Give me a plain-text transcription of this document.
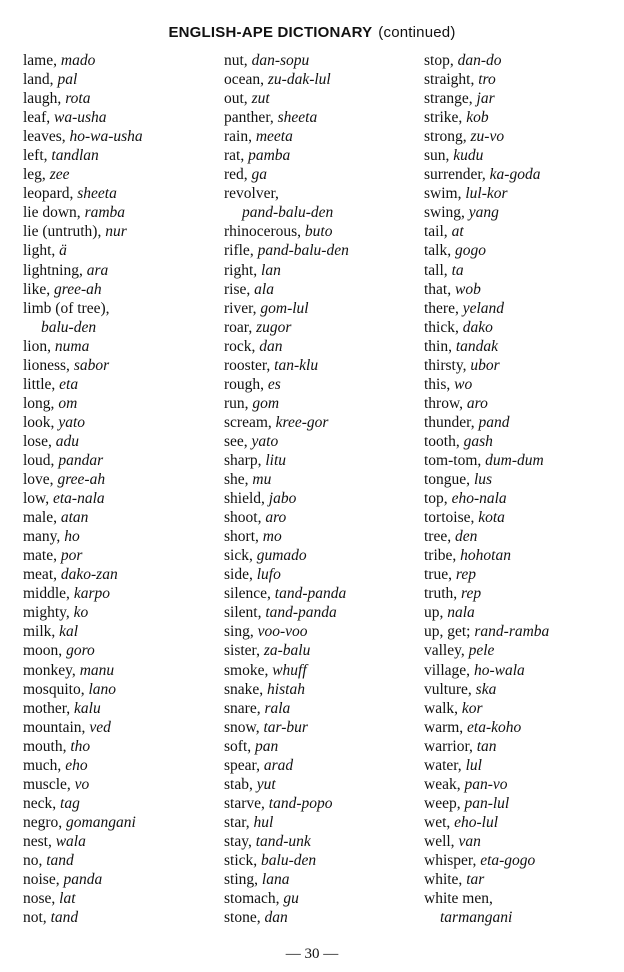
ENGLISH-APE DICTIONARY (continued)
lame, mado
land, pal
laugh, rota
leaf, wa-usha
leaves, ho-wa-usha
left, tandlan
leg, zee
leopard, sheeta
lie down, ramba
lie (untruth), nur
light, ä
lightning, ara
like, gree-ah
limb (of tree),
balu-den
lion, numa
lioness, sabor
little, eta
long, om
look, yato
lose, adu
loud, pandar
love, gree-ah
low, eta-nala
male, atan
many, ho
mate, por
meat, dako-zan
middle, karpo
mighty, ko
milk, kal
moon, goro
monkey, manu
mosquito, lano
mother, kalu
mountain, ved
mouth, tho
much, eho
muscle, vo
neck, tag
negro, gomangani
nest, wala
no, tand
noise, panda
nose, lat
not, tand
nut, dan-sopu
ocean, zu-dak-lul
out, zut
panther, sheeta
rain, meeta
rat, pamba
red, ga
revolver,
pand-balu-den
rhinocerous, buto
rifle, pand-balu-den
right, lan
rise, ala
river, gom-lul
roar, zugor
rock, dan
rooster, tan-klu
rough, es
run, gom
scream, kree-gor
see, yato
sharp, litu
she, mu
shield, jabo
shoot, aro
short, mo
sick, gumado
side, lufo
silence, tand-panda
silent, tand-panda
sing, voo-voo
sister, za-balu
smoke, whuff
snake, histah
snare, rala
snow, tar-bur
soft, pan
spear, arad
stab, yut
starve, tand-popo
star, hul
stay, tand-unk
stick, balu-den
sting, lana
stomach, gu
stone, dan
stop, dan-do
straight, tro
strange, jar
strike, kob
strong, zu-vo
sun, kudu
surrender, ka-goda
swim, lul-kor
swing, yang
tail, at
talk, gogo
tall, ta
that, wob
there, yeland
thick, dako
thin, tandak
thirsty, ubor
this, wo
throw, aro
thunder, pand
tooth, gash
tom-tom, dum-dum
tongue, lus
top, eho-nala
tortoise, kota
tree, den
tribe, hohotan
true, rep
truth, rep
up, nala
up, get; rand-ramba
valley, pele
village, ho-wala
vulture, ska
walk, kor
warm, eta-koho
warrior, tan
water, lul
weak, pan-vo
weep, pan-lul
wet, eho-lul
well, van
whisper, eta-gogo
white, tar
white men,
tarmangani
— 30 —
